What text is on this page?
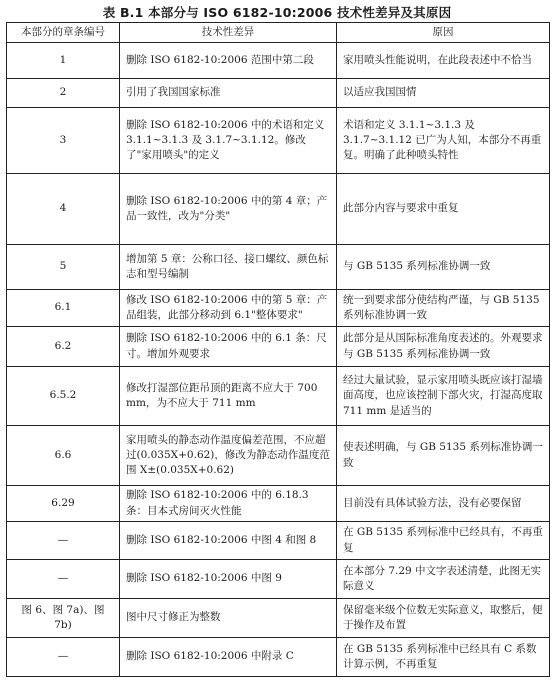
表 B.1 本部分与 ISO 6182-10:2006 技术性差异及其原因
本部分的章条编号	技术性差异	原因
1	删除 ISO 6182-10:2006 范围中第二段	家用喷头性能说明，在此段表述中不恰当
2	引用了我国国家标准	以适应我国国情
3	删除 ISO 6182-10:2006 中的术语和定义 3.1.1~3.1.3 及 3.1.7~3.1.12。修改了"家用喷头"的定义	术语和定义 3.1.1~3.1.3 及 3.1.7~3.1.12 已广为人知，本部分不再重复。明确了此种喷头特性
4	删除 ISO 6182-10:2006 中的第 4 章；产品一致性，改为"分类"	此部分内容与要求中重复
5	增加第 5 章：公称口径、接口螺纹、颜色标志和型号编制	与 GB 5135 系列标准协调一致
6.1	修改 ISO 6182-10:2006 中的第 5 章：产品组装，此部分移动到 6.1"整体要求"	统一到要求部分使结构严谨，与 GB 5135 系列标准协调一致
6.2	删除 ISO 6182-10:2006 中的 6.1 条：尺寸。增加外观要求	此部分是从国际标准角度表述的。外观要求与 GB 5135 系列标准协调一致
6.5.2	修改打湿部位距吊顶的距离不应大于 700 mm，为不应大于 711 mm	经过大量试验，显示家用喷头既应该打湿墙面高度，也应该控制下部火灾，打湿高度取 711 mm 是适当的
6.6	家用喷头的静态动作温度偏差范围，不应超过(0.035X+0.62)，修改为静态动作温度范围 X±(0.035X+0.62)	使表述明确，与 GB 5135 系列标准协调一致
6.29	删除 ISO 6182-10:2006 中的 6.18.3 条：目本式房间灭火性能	目前没有具体试验方法，没有必要保留
—	删除 ISO 6182-10:2006 中图 4 和图 8	在 GB 5135 系列标准中已经具有，不再重复
—	删除 ISO 6182-10:2006 中图 9	在本部分 7.29 中文字表述清楚，此图无实际意义
图 6、图 7a)、图 7b)	图中尺寸修正为整数	保留毫米级个位数无实际意义，取整后，便于操作及布置
—	删除 ISO 6182-10:2006 中附录 C	在 GB 5135 系列标准中已经具有 C 系数计算示例，不再重复
